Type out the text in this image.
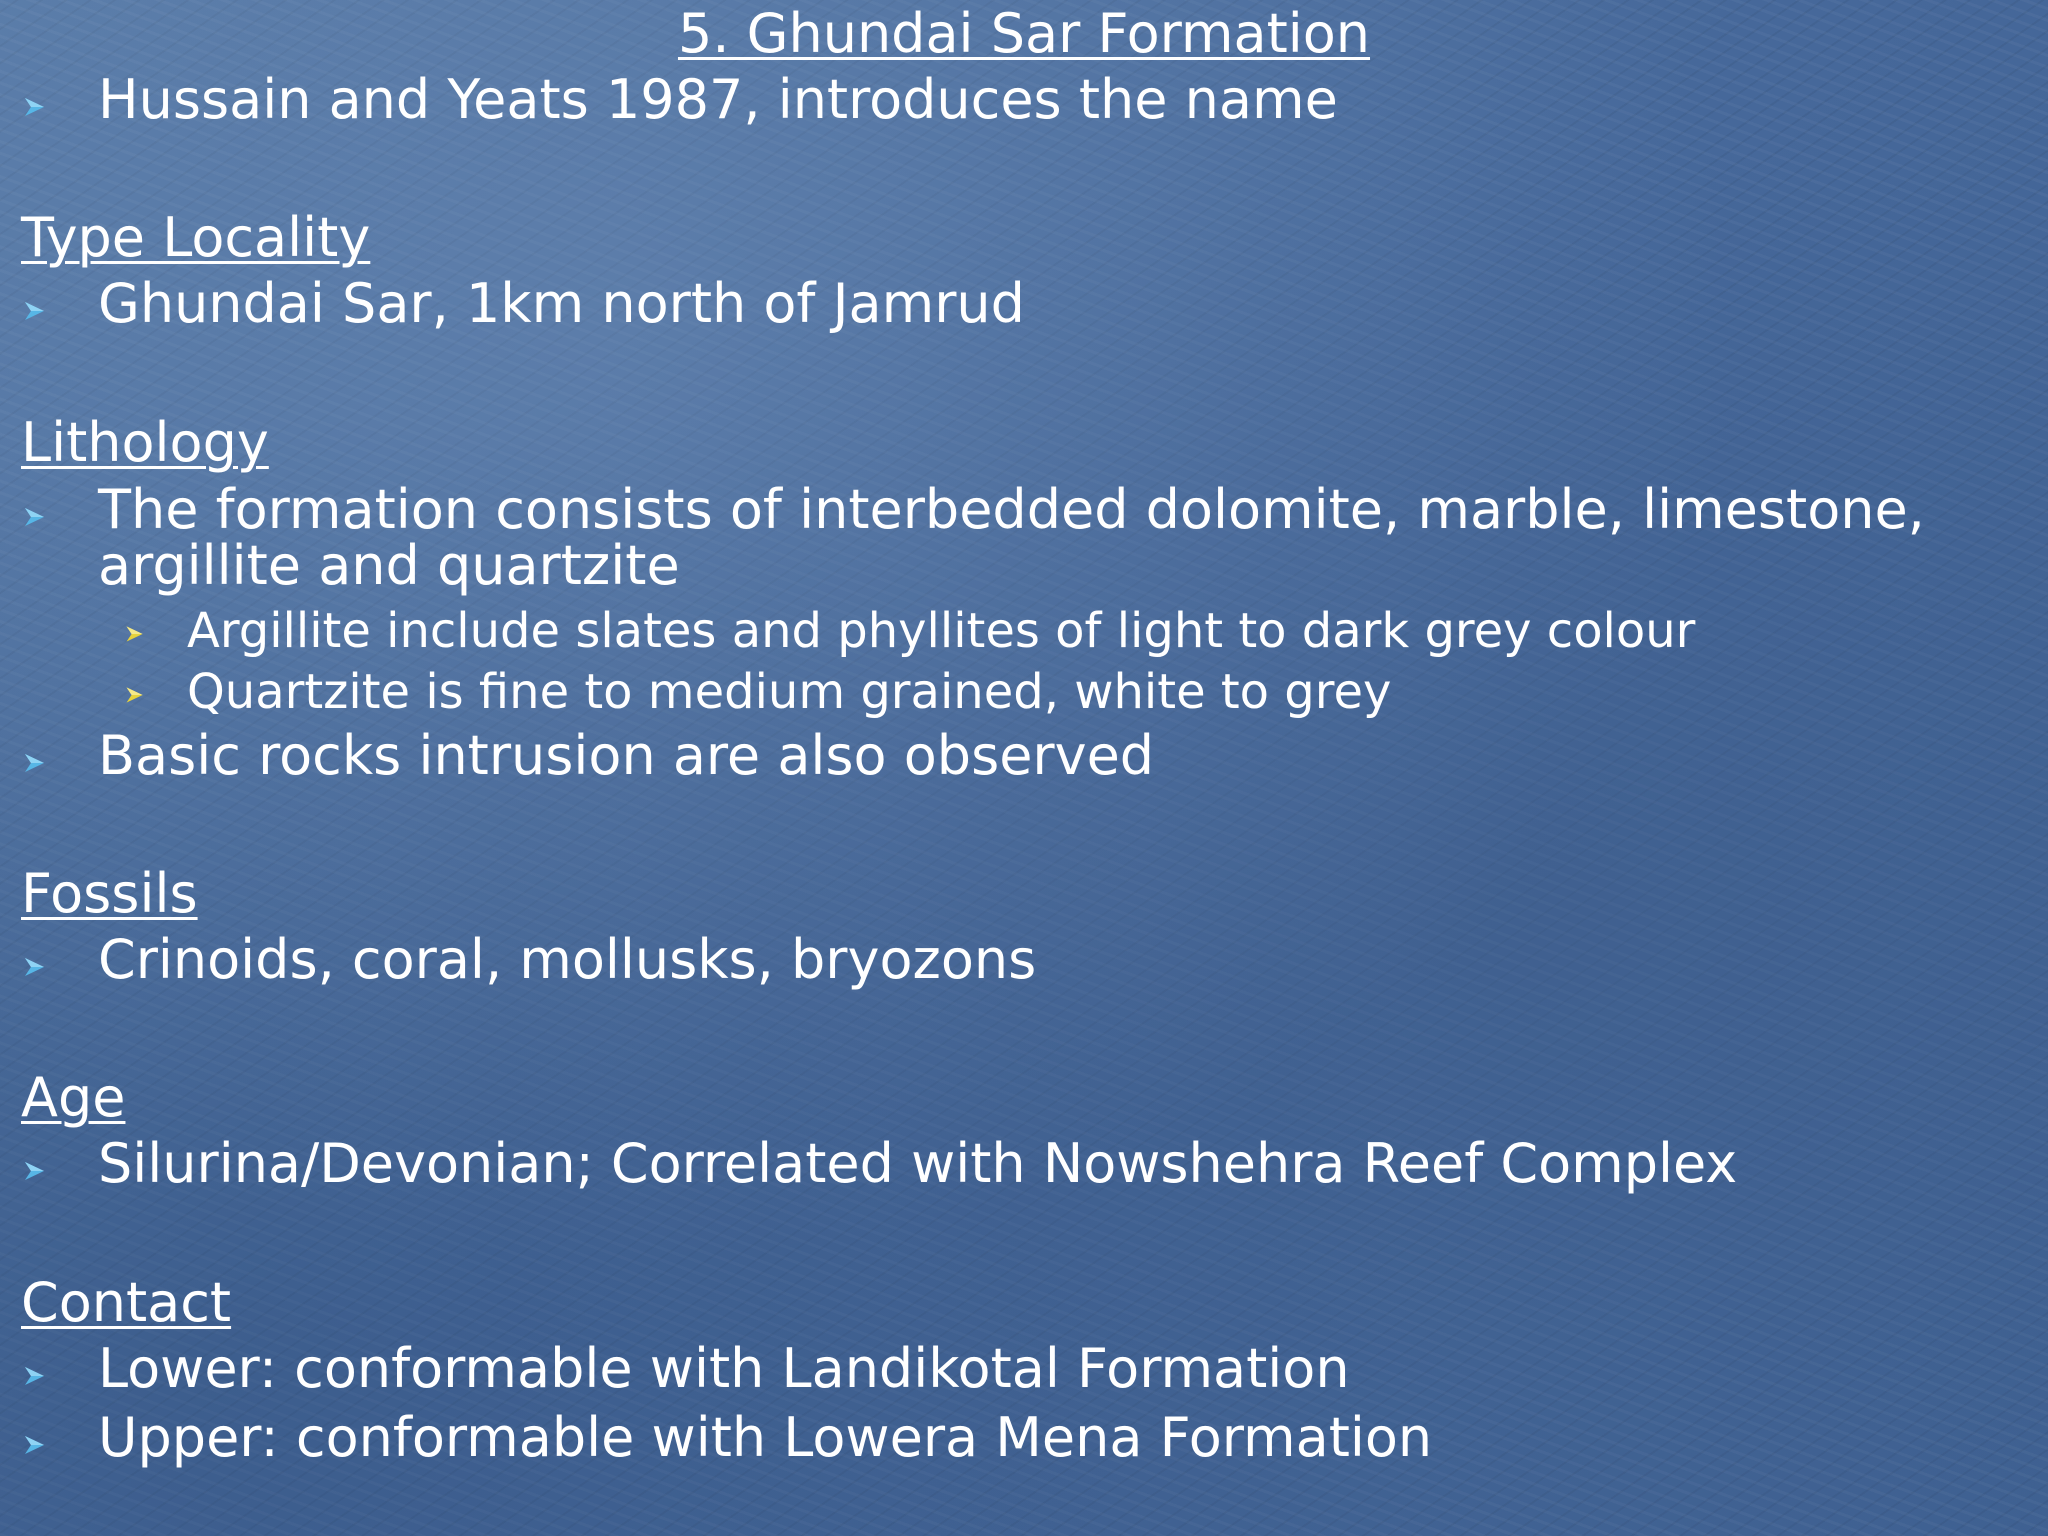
5. Ghundai Sar Formation
Hussain and Yeats 1987, introduces the name
Type Locality
Ghundai Sar, 1km north of Jamrud
Lithology
The formation consists of interbedded dolomite, marble, limestone, argillite and quartzite
Argillite include slates and phyllites of light to dark grey colour
Quartzite is fine to medium grained, white to grey
Basic rocks intrusion are also observed
Fossils
Crinoids, coral, mollusks, bryozons
Age
Silurina/Devonian; Correlated with Nowshehra Reef Complex
Contact
Lower: conformable with Landikotal Formation
Upper: conformable with Lowera Mena Formation
